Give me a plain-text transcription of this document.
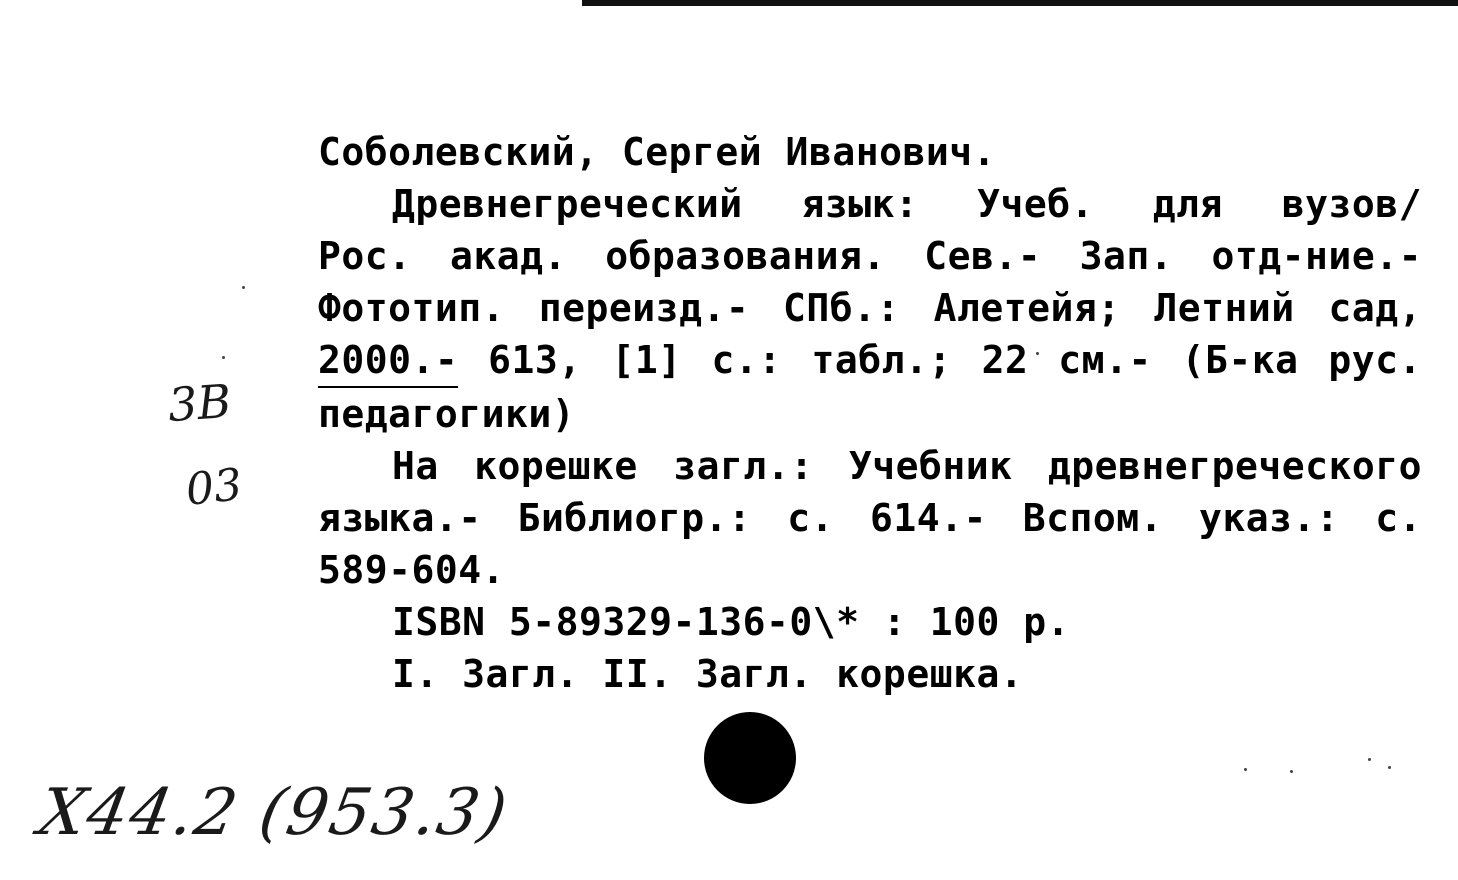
Соболевский, Сергей Иванович.
Древнегреческий язык: Учеб. для вузов/
Рос. акад. образования. Сев.- Зап. отд-ние.-
Фототип. переизд.- СПб.: Алетейя; Летний сад,
2000.- 613, [1] с.: табл.; 22 см.- (Б-ка рус.
педагогики)
На корешке загл.: Учебник древнегреческого
языка.- Библиогр.: с. 614.- Вспом. указ.: с.
589-604.
ISBN 5-89329-136-0\* : 100 р.
I. Загл. II. Загл. корешка.
3B
03
X44.2 (953.3)
